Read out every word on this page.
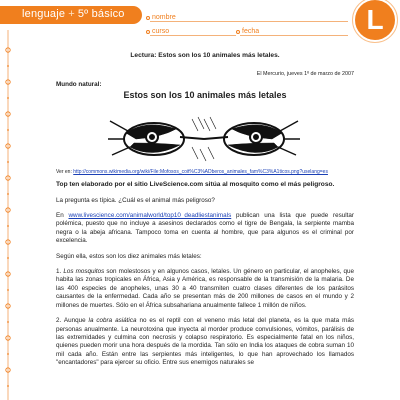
lenguaje + 5º básico	nombre
curso	fecha	L
Lectura: Estos son los 10 animales más letales.
El Mercurio, jueves 1º de marzo de 2007
Mundo natural:
Estos son los 10 animales más letales
Ver en: http://commons.wikimedia.org/wiki/File:Mofosos_coit%C3%ADberos_animales_fam%C3%A1ticos.png?uselang=es
Top ten elaborado por el sitio LiveScience.com sitúa al mosquito como el más peligroso.
La pregunta es típica. ¿Cuál es el animal más peligroso?
En www.livescience.com/animalworld/top10_deadliestanimals publican una lista que puede resultar polémica, puesto que no incluye a asesinos declarados como el tigre de Bengala, la serpiente mamba negra o la abeja africana. Tampoco toma en cuenta al hombre, que para algunos es el criminal por excelencia.
Según ella, estos son los diez animales más letales:
1. Los mosquitos son molestosos y en algunos casos, letales. Un género en particular, el anopheles, que habita las zonas tropicales en África, Asia y América, es responsable de la transmisión de la malaria. De las 400 especies de anopheles, unas 30 a 40 transmiten cuatro clases diferentes de los parásitos causantes de la enfermedad. Cada año se presentan más de 200 millones de casos en el mundo y 2 millones de muertes. Sólo en el África subsahariana anualmente fallece 1 millón de niños.
2. Aunque la cobra asiática no es el reptil con el veneno más letal del planeta, es la que mata más personas anualmente. La neurotoxina que inyecta al morder produce convulsiones, vómitos, parálisis de las extremidades y culmina con necrosis y colapso respiratorio. Es especialmente fatal en los niños, quienes pueden morir una hora después de la mordida. Tan sólo en India los ataques de cobra suman 10 mil cada año. Están entre las serpientes más inteligentes, lo que han aprovechado los llamados "encantadores" para ejercer su oficio. Entre sus enemigos naturales se
